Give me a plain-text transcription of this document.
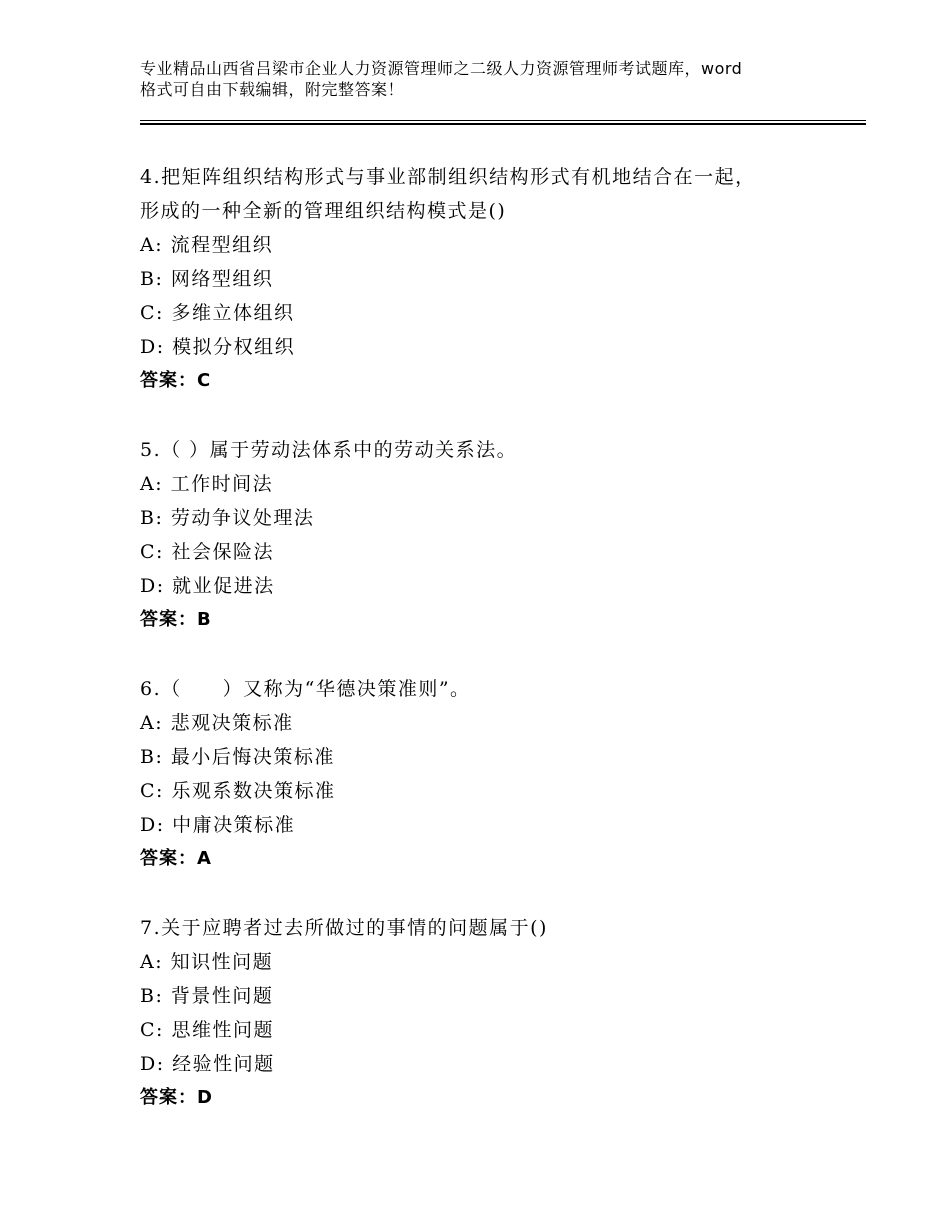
专业精品山西省吕梁市企业人力资源管理师之二级人力资源管理师考试题库，word
格式可自由下载编辑，附完整答案！
4.把矩阵组织结构形式与事业部制组织结构形式有机地结合在一起，
形成的一种全新的管理组织结构模式是()
A: 流程型组织
B: 网络型组织
C: 多维立体组织
D: 模拟分权组织
答案：C
5.（ ）属于劳动法体系中的劳动关系法。
A: 工作时间法
B: 劳动争议处理法
C: 社会保险法
D: 就业促进法
答案：B
6.（　　）又称为“华德决策准则”。
A: 悲观决策标准
B: 最小后悔决策标准
C: 乐观系数决策标准
D: 中庸决策标准
答案：A
7.关于应聘者过去所做过的事情的问题属于()
A: 知识性问题
B: 背景性问题
C: 思维性问题
D: 经验性问题
答案：D
